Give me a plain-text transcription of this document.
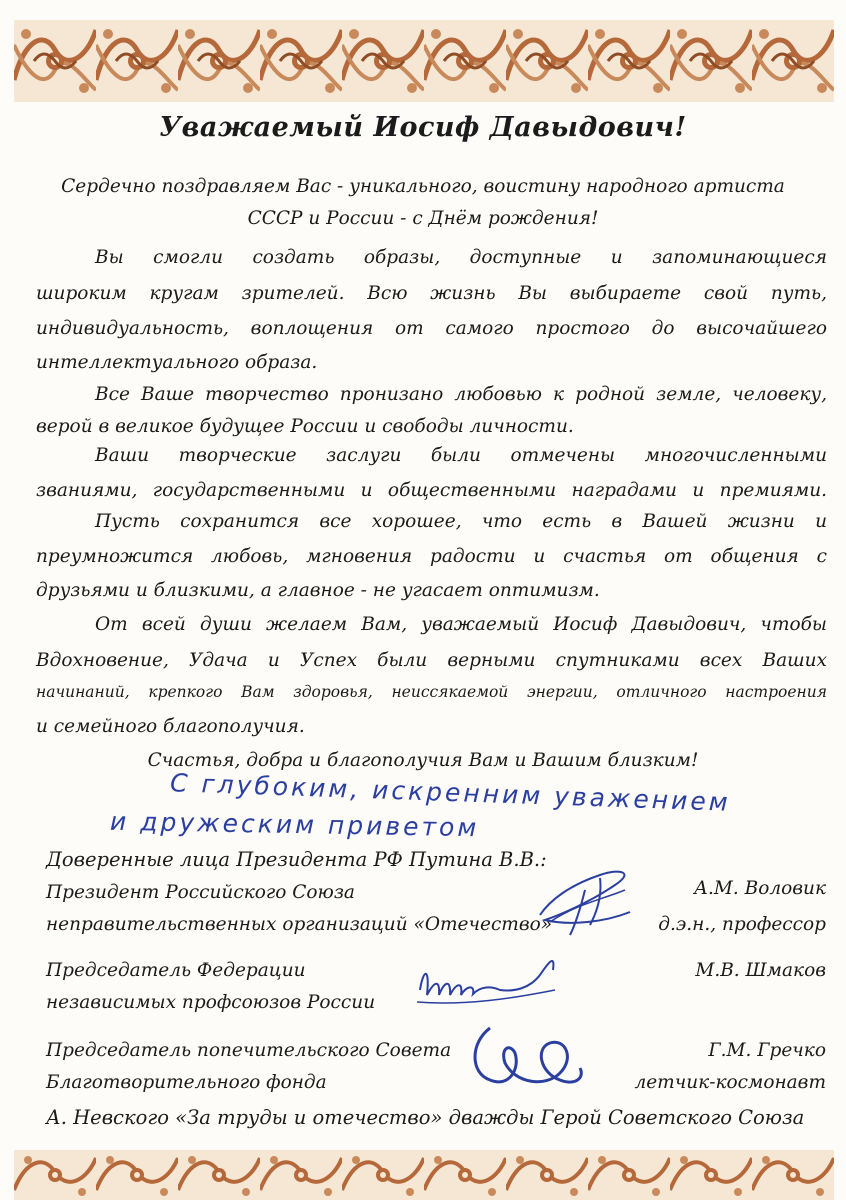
Уважаемый Иосиф Давыдович!
Сердечно поздравляем Вас - уникального, воистину народного артиста
СССР и России - с Днём рождения!
Вы смогли создать образы, доступные и запоминающиеся
широким кругам зрителей. Всю жизнь Вы выбираете свой путь,
индивидуальность, воплощения от самого простого до высочайшего
интеллектуального образа.
Все Ваше творчество пронизано любовью к родной земле, человеку,
верой в великое будущее России и свободы личности.
Ваши творческие заслуги были отмечены многочисленными
званиями, государственными и общественными наградами и премиями.
Пусть сохранится все хорошее, что есть в Вашей жизни и
преумножится любовь, мгновения радости и счастья от общения с
друзьями и близкими, а главное - не угасает оптимизм.
От всей души желаем Вам, уважаемый Иосиф Давыдович, чтобы
Вдохновение, Удача и Успех были верными спутниками всех Ваших
начинаний, крепкого Вам здоровья, неиссякаемой энергии, отличного настроения
и семейного благополучия.
Счастья, добра и благополучия Вам и Вашим близким!
С глубоким, искренним уважением
и дружеским приветом
Доверенные лица Президента РФ Путина В.В.:
Президент Российского Союза
неправительственных организаций «Отечество»
А.М. Воловик
д.э.н., профессор
Председатель Федерации
независимых профсоюзов России
М.В. Шмаков
Председатель попечительского Совета
Благотворительного фонда
Г.М. Гречко
летчик-космонавт
А. Невского «За труды и отечество» дважды Герой Советского Союза
